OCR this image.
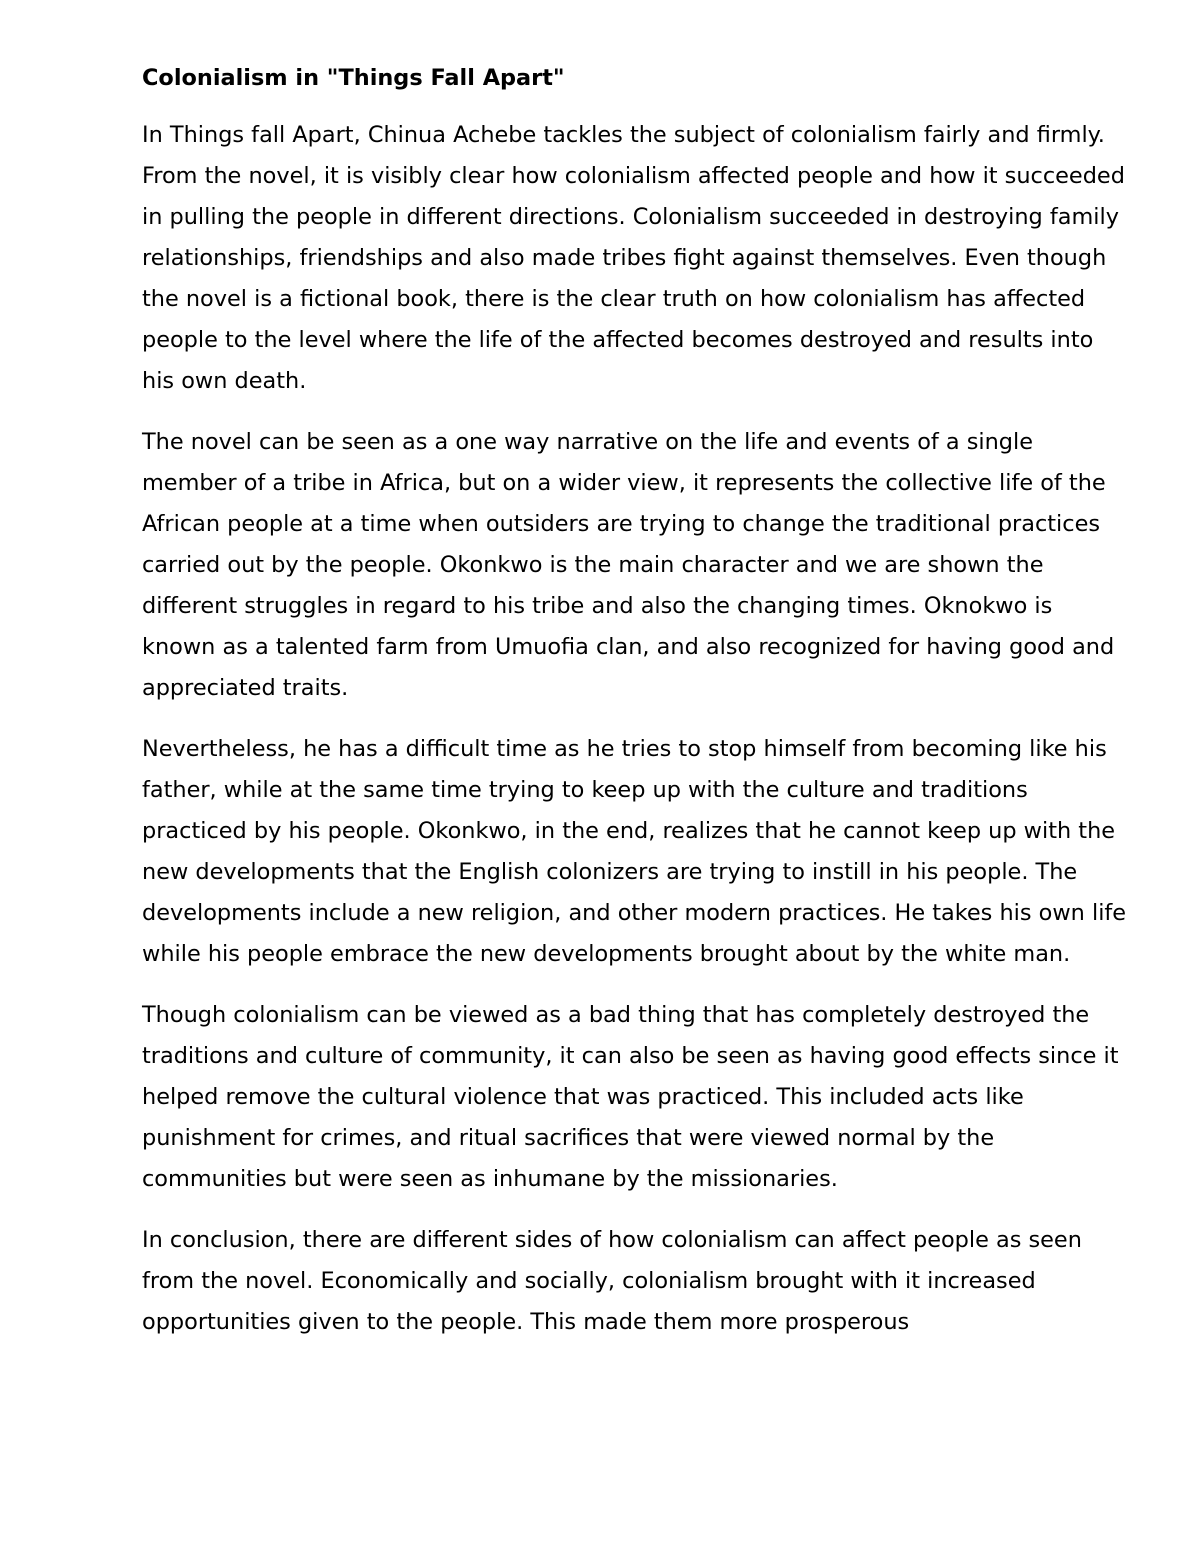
Colonialism in "Things Fall Apart"

In Things fall Apart, Chinua Achebe tackles the subject of colonialism fairly and firmly. From the novel, it is visibly clear how colonialism affected people and how it succeeded in pulling the people in different directions. Colonialism succeeded in destroying family relationships, friendships and also made tribes fight against themselves. Even though the novel is a fictional book, there is the clear truth on how colonialism has affected people to the level where the life of the affected becomes destroyed and results into his own death.

The novel can be seen as a one way narrative on the life and events of a single member of a tribe in Africa, but on a wider view, it represents the collective life of the African people at a time when outsiders are trying to change the traditional practices carried out by the people. Okonkwo is the main character and we are shown the different struggles in regard to his tribe and also the changing times. Oknokwo is known as a talented farm from Umuofia clan, and also recognized for having good and appreciated traits.

Nevertheless, he has a difficult time as he tries to stop himself from becoming like his father, while at the same time trying to keep up with the culture and traditions practiced by his people. Okonkwo, in the end, realizes that he cannot keep up with the new developments that the English colonizers are trying to instill in his people. The developments include a new religion, and other modern practices. He takes his own life while his people embrace the new developments brought about by the white man.

Though colonialism can be viewed as a bad thing that has completely destroyed the traditions and culture of community, it can also be seen as having good effects since it helped remove the cultural violence that was practiced. This included acts like punishment for crimes, and ritual sacrifices that were viewed normal by the communities but were seen as inhumane by the missionaries.

In conclusion, there are different sides of how colonialism can affect people as seen from the novel. Economically and socially, colonialism brought with it increased opportunities given to the people. This made them more prosperous
